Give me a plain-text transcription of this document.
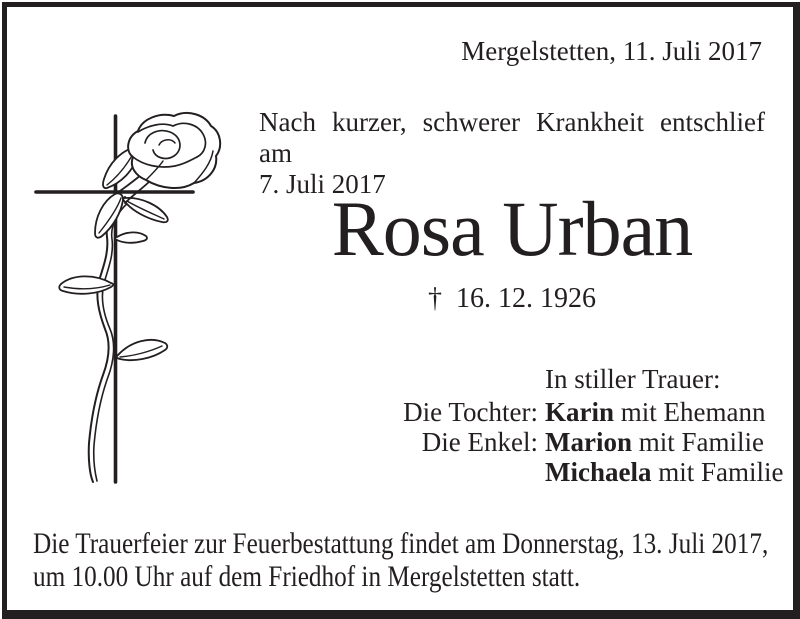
Mergelstetten, 11. Juli 2017
Nach kurzer, schwerer Krankheit entschlief am
7. Juli 2017
Rosa Urban
† 16. 12. 1926
In stiller Trauer:
Die Tochter: Karin mit Ehemann
Die Enkel: Marion mit Familie
Michaela mit Familie
Die Trauerfeier zur Feuerbestattung findet am Donnerstag, 13. Juli 2017,
um 10.00 Uhr auf dem Friedhof in Mergelstetten statt.
